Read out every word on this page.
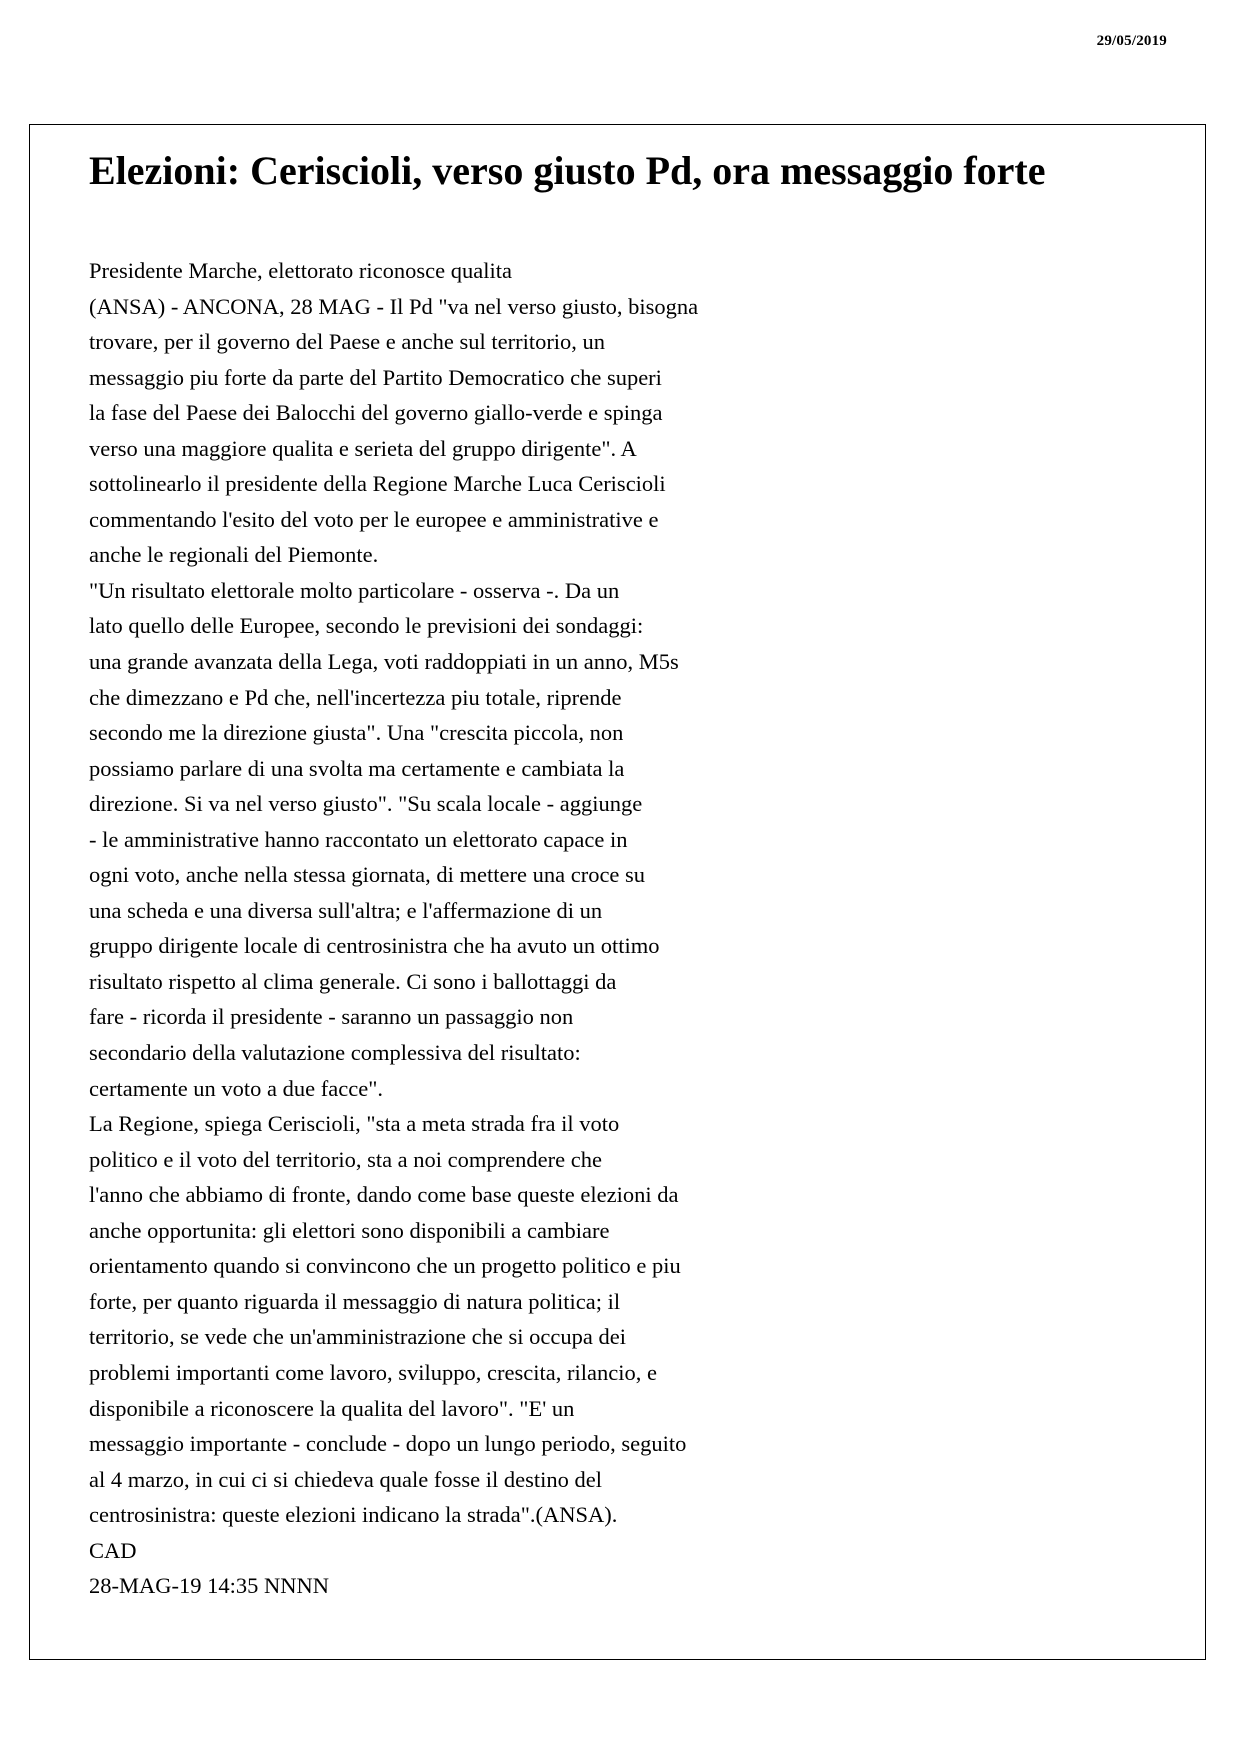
29/05/2019
Elezioni: Ceriscioli, verso giusto Pd, ora messaggio forte
Presidente Marche, elettorato riconosce qualita
(ANSA) - ANCONA, 28 MAG - Il Pd "va nel verso giusto, bisogna
trovare, per il governo del Paese e anche sul territorio, un
messaggio piu forte da parte del Partito Democratico che superi
la fase del Paese dei Balocchi del governo giallo-verde e spinga
verso una maggiore qualita e serieta del gruppo dirigente". A
sottolinearlo il presidente della Regione Marche Luca Ceriscioli
commentando l'esito del voto per le europee e amministrative e
anche le regionali del Piemonte.
"Un risultato elettorale molto particolare - osserva -. Da un
lato quello delle Europee, secondo le previsioni dei sondaggi:
una grande avanzata della Lega, voti raddoppiati in un anno, M5s
che dimezzano e Pd che, nell'incertezza piu totale, riprende
secondo me la direzione giusta". Una "crescita piccola, non
possiamo parlare di una svolta ma certamente e cambiata la
direzione. Si va nel verso giusto". "Su scala locale - aggiunge
- le amministrative hanno raccontato un elettorato capace in
ogni voto, anche nella stessa giornata, di mettere una croce su
una scheda e una diversa sull'altra; e l'affermazione di un
gruppo dirigente locale di centrosinistra che ha avuto un ottimo
risultato rispetto al clima generale. Ci sono i ballottaggi da
fare - ricorda il presidente - saranno un passaggio non
secondario della valutazione complessiva del risultato:
certamente un voto a due facce".
La Regione, spiega Ceriscioli, "sta a meta strada fra il voto
politico e il voto del territorio, sta a noi comprendere che
l'anno che abbiamo di fronte, dando come base queste elezioni da
anche opportunita: gli elettori sono disponibili a cambiare
orientamento quando si convincono che un progetto politico e piu
forte, per quanto riguarda il messaggio di natura politica; il
territorio, se vede che un'amministrazione che si occupa dei
problemi importanti come lavoro, sviluppo, crescita, rilancio, e
disponibile a riconoscere la qualita del lavoro". "E' un
messaggio importante - conclude - dopo un lungo periodo, seguito
al 4 marzo, in cui ci si chiedeva quale fosse il destino del
centrosinistra: queste elezioni indicano la strada".(ANSA).
CAD
28-MAG-19 14:35 NNNN
